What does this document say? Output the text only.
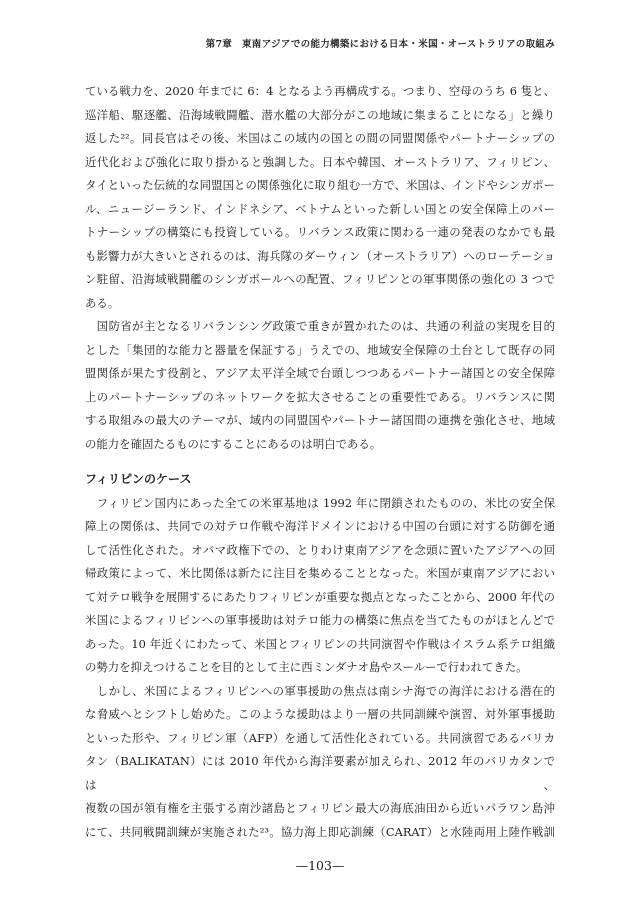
第7章　東南アジアでの能力構築における日本・米国・オーストラリアの取組み
ている戦力を、2020 年までに 6：4 となるよう再構成する。つまり、空母のうち 6 隻と、
巡洋船、駆逐艦、沿海域戦闘艦、潜水艦の大部分がこの地域に集まることになる」と繰り
返した²²。同長官はその後、米国はこの域内の国との間の同盟関係やパートナーシップの
近代化および強化に取り掛かると強調した。日本や韓国、オーストラリア、フィリピン、
タイといった伝統的な同盟国との関係強化に取り組む一方で、米国は、インドやシンガポー
ル、ニュージーランド、インドネシア、ベトナムといった新しい国との安全保障上のパー
トナーシップの構築にも投資している。リバランス政策に関わる一連の発表のなかでも最
も影響力が大きいとされるのは、海兵隊のダーウィン（オーストラリア）へのローテーショ
ン駐留、沿海域戦闘艦のシンガポールへの配置、フィリピンとの軍事関係の強化の 3 つで
ある。
　国防省が主となるリバランシング政策で重きが置かれたのは、共通の利益の実現を目的
とした「集団的な能力と器量を保証する」うえでの、地域安全保障の土台として既存の同
盟関係が果たす役割と、アジア太平洋全域で台頭しつつあるパートナー諸国との安全保障
上のパートナーシップのネットワークを拡大させることの重要性である。リバランスに関
する取組みの最大のテーマが、域内の同盟国やパートナー諸国間の連携を強化させ、地域
の能力を確固たるものにすることにあるのは明白である。
フィリピンのケース
　フィリピン国内にあった全ての米軍基地は 1992 年に閉鎖されたものの、米比の安全保
障上の関係は、共同での対テロ作戦や海洋ドメインにおける中国の台頭に対する防御を通
して活性化された。オバマ政権下での、とりわけ東南アジアを念頭に置いたアジアへの回
帰政策によって、米比関係は新たに注目を集めることとなった。米国が東南アジアにおい
て対テロ戦争を展開するにあたりフィリピンが重要な拠点となったことから、2000 年代の
米国によるフィリピンへの軍事援助は対テロ能力の構築に焦点を当てたものがほとんどで
あった。10 年近くにわたって、米国とフィリピンの共同演習や作戦はイスラム系テロ組織
の勢力を抑えつけることを目的として主に西ミンダナオ島やスールーで行われてきた。
　しかし、米国によるフィリピンへの軍事援助の焦点は南シナ海での海洋における潜在的
な脅威へとシフトし始めた。このような援助はより一層の共同訓練や演習、対外軍事援助
といった形や、フィリピン軍（AFP）を通して活性化されている。共同演習であるバリカ
タン（BALIKATAN）には 2010 年代から海洋要素が加えられ、2012 年のバリカタンでは、
複数の国が領有権を主張する南沙諸島とフィリピン最大の海底油田から近いパラワン島沖
にて、共同戦闘訓練が実施された²³。協力海上即応訓練（CARAT）と水陸両用上陸作戦訓
—103—
